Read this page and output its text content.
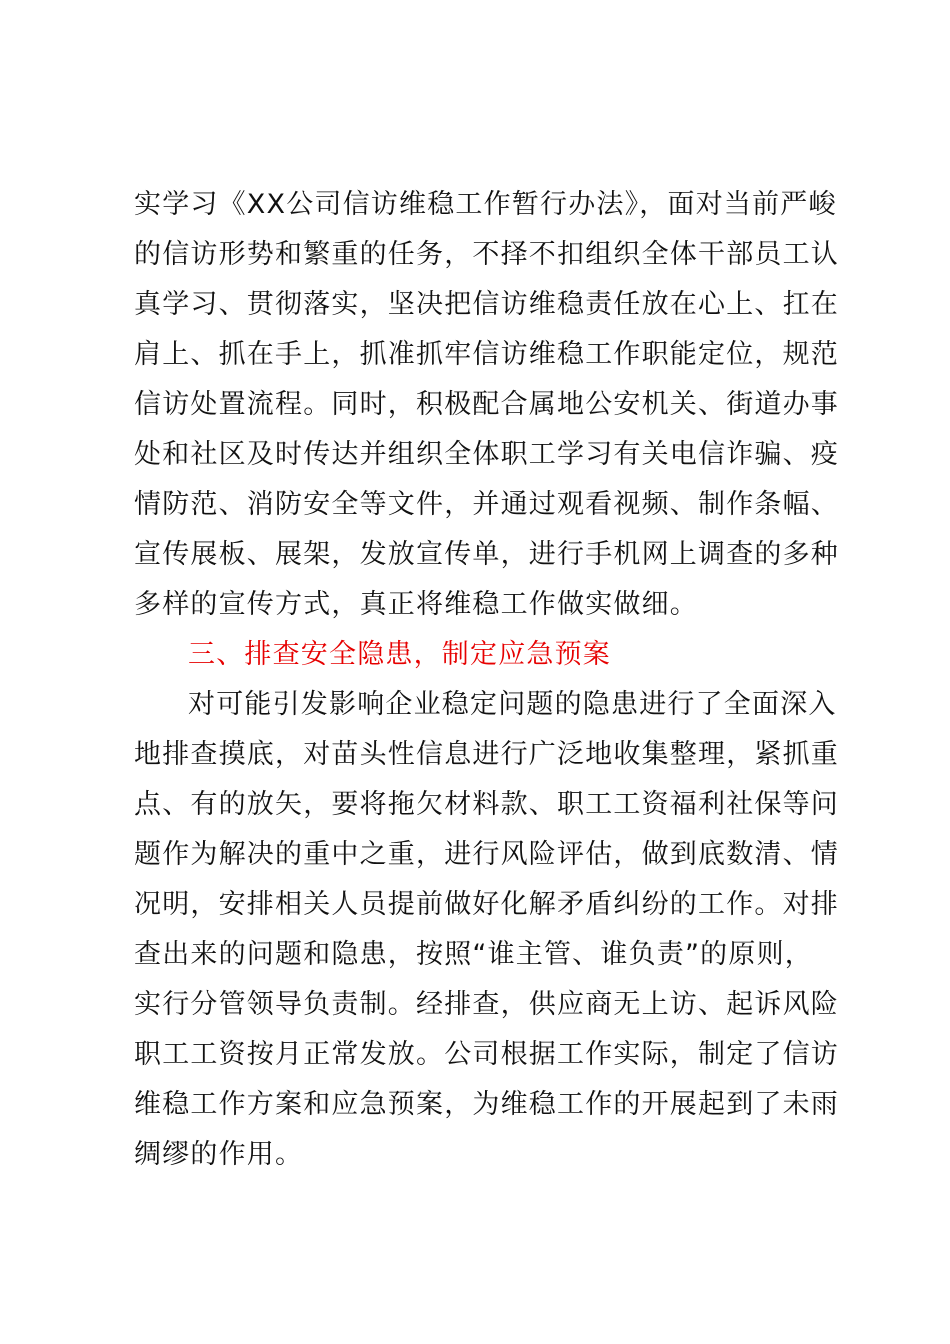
实学习《XX公司信访维稳工作暂行办法》，面对当前严峻
的信访形势和繁重的任务，不择不扣组织全体干部员工认
真学习、贯彻落实，坚决把信访维稳责任放在心上、扛在
肩上、抓在手上，抓准抓牢信访维稳工作职能定位，规范
信访处置流程。同时，积极配合属地公安机关、街道办事
处和社区及时传达并组织全体职工学习有关电信诈骗、疫
情防范、消防安全等文件，并通过观看视频、制作条幅、
宣传展板、展架，发放宣传单，进行手机网上调查的多种
多样的宣传方式，真正将维稳工作做实做细。
三、排查安全隐患，制定应急预案
对可能引发影响企业稳定问题的隐患进行了全面深入
地排查摸底，对苗头性信息进行广泛地收集整理，紧抓重
点、有的放矢，要将拖欠材料款、职工工资福利社保等问
题作为解决的重中之重，进行风险评估，做到底数清、情
况明，安排相关人员提前做好化解矛盾纠纷的工作。对排
查出来的问题和隐患，按照“谁主管、谁负责”的原则，
实行分管领导负责制。经排查，供应商无上访、起诉风险
职工工资按月正常发放。公司根据工作实际，制定了信访
维稳工作方案和应急预案，为维稳工作的开展起到了未雨
绸缪的作用。
